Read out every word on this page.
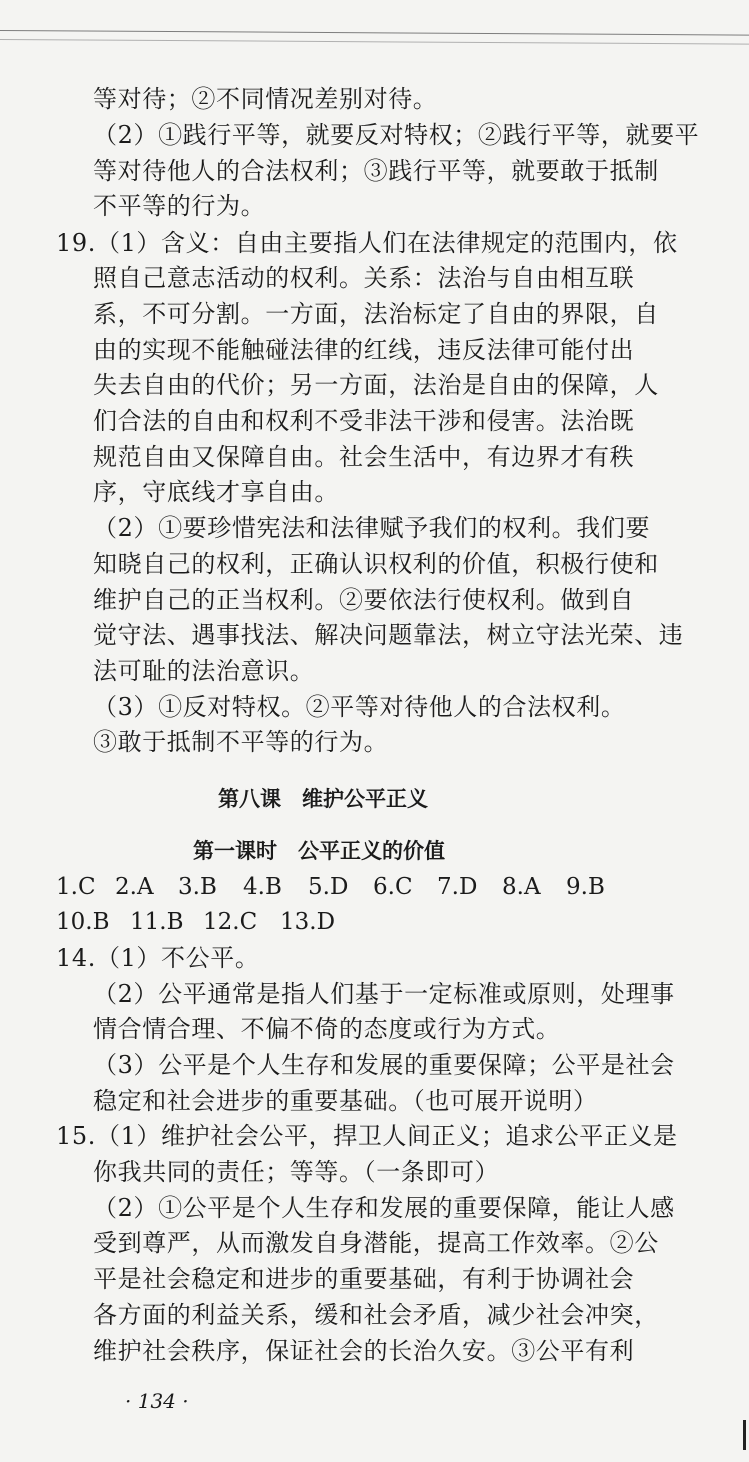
等对待；②不同情况差别对待。
（2）①践行平等，就要反对特权；②践行平等，就要平
等对待他人的合法权利；③践行平等，就要敢于抵制
不平等的行为。
19.（1）含义：自由主要指人们在法律规定的范围内，依
照自己意志活动的权利。关系：法治与自由相互联
系，不可分割。一方面，法治标定了自由的界限，自
由的实现不能触碰法律的红线，违反法律可能付出
失去自由的代价；另一方面，法治是自由的保障，人
们合法的自由和权利不受非法干涉和侵害。法治既
规范自由又保障自由。社会生活中，有边界才有秩
序，守底线才享自由。
（2）①要珍惜宪法和法律赋予我们的权利。我们要
知晓自己的权利，正确认识权利的价值，积极行使和
维护自己的正当权利。②要依法行使权利。做到自
觉守法、遇事找法、解决问题靠法，树立守法光荣、违
法可耻的法治意识。
（3）①反对特权。②平等对待他人的合法权利。
③敢于抵制不平等的行为。
第八课　维护公平正义
第一课时　公平正义的价值
1.C 2.A 3.B 4.B 5.D 6.C 7.D 8.A 9.B
10.B 11.B 12.C 13.D
14.（1）不公平。
（2）公平通常是指人们基于一定标准或原则，处理事
情合情合理、不偏不倚的态度或行为方式。
（3）公平是个人生存和发展的重要保障；公平是社会
稳定和社会进步的重要基础。（也可展开说明）
15.（1）维护社会公平，捍卫人间正义；追求公平正义是
你我共同的责任；等等。（一条即可）
（2）①公平是个人生存和发展的重要保障，能让人感
受到尊严，从而激发自身潜能，提高工作效率。②公
平是社会稳定和进步的重要基础，有利于协调社会
各方面的利益关系，缓和社会矛盾，减少社会冲突，
维护社会秩序，保证社会的长治久安。③公平有利
· 134 ·
